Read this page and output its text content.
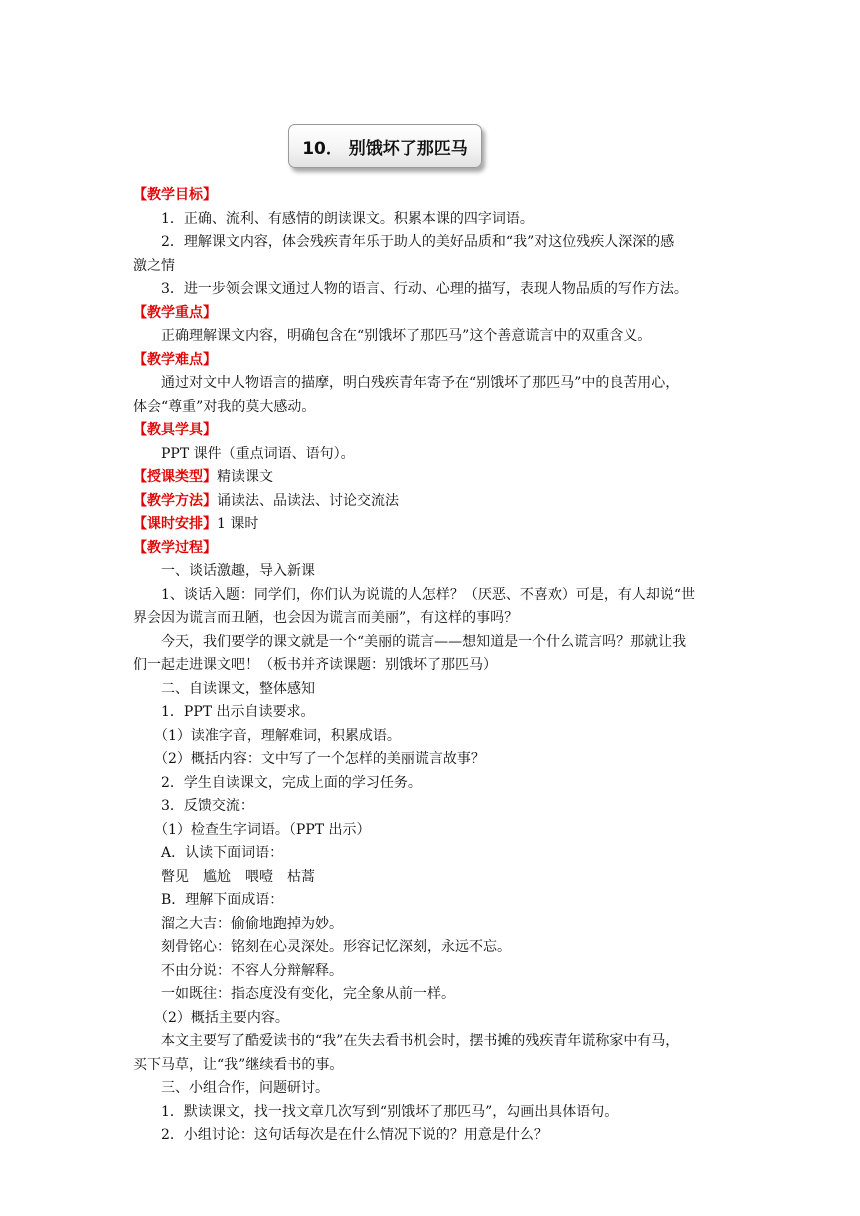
10． 别饿坏了那匹马
【教学目标】
1．正确、流利、有感情的朗读课文。积累本课的四字词语。
2．理解课文内容，体会残疾青年乐于助人的美好品质和“我”对这位残疾人深深的感
激之情
3．进一步领会课文通过人物的语言、行动、心理的描写，表现人物品质的写作方法。
【教学重点】
正确理解课文内容，明确包含在“别饿坏了那匹马”这个善意谎言中的双重含义。
【教学难点】
通过对文中人物语言的描摩，明白残疾青年寄予在“别饿坏了那匹马”中的良苦用心，
体会“尊重”对我的莫大感动。
【教具学具】
PPT 课件（重点词语、语句）。
【授课类型】精读课文
【教学方法】诵读法、品读法、讨论交流法
【课时安排】1 课时
【教学过程】
一、谈话激趣，导入新课
1、谈话入题：同学们，你们认为说谎的人怎样？（厌恶、不喜欢）可是，有人却说“世
界会因为谎言而丑陋，也会因为谎言而美丽”，有这样的事吗？
今天，我们要学的课文就是一个“美丽的谎言——想知道是一个什么谎言吗？那就让我
们一起走进课文吧！（板书并齐读课题：别饿坏了那匹马）
二、自读课文，整体感知
1．PPT 出示自读要求。
（1）读准字音，理解难词，积累成语。
（2）概括内容：文中写了一个怎样的美丽谎言故事？
2．学生自读课文，完成上面的学习任务。
3．反馈交流：
（1）检查生字词语。（PPT 出示）
A．认读下面词语：
瞥见　尴尬　喂噎　枯蒿
B．理解下面成语：
溜之大吉：偷偷地跑掉为妙。
刻骨铭心：铭刻在心灵深处。形容记忆深刻，永远不忘。
不由分说：不容人分辩解释。
一如既往：指态度没有变化，完全象从前一样。
（2）概括主要内容。
本文主要写了酷爱读书的“我”在失去看书机会时，摆书摊的残疾青年谎称家中有马，
买下马草，让“我”继续看书的事。
三、小组合作，问题研讨。
1．默读课文，找一找文章几次写到“别饿坏了那匹马”，勾画出具体语句。
2．小组讨论：这句话每次是在什么情况下说的？用意是什么？
